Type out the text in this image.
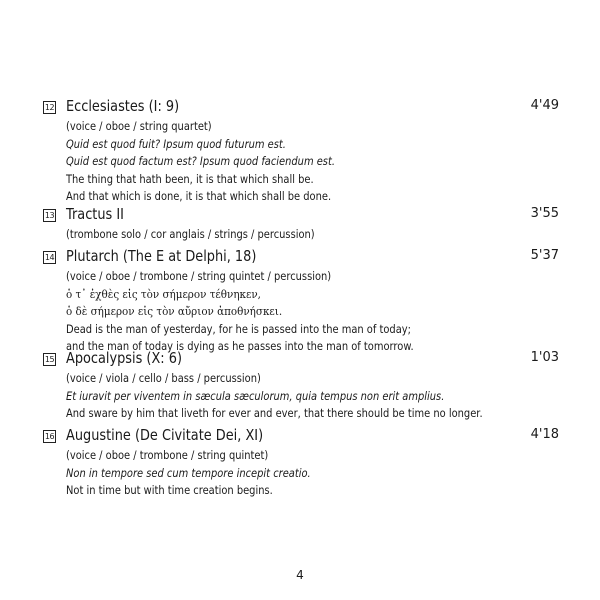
12 Ecclesiastes (I: 9)	4'49
(voice / oboe / string quartet)
Quid est quod fuit? Ipsum quod futurum est.
Quid est quod factum est? Ipsum quod faciendum est.
The thing that hath been, it is that which shall be.
And that which is done, it is that which shall be done.
13 Tractus II	3'55
(trombone solo / cor anglais / strings / percussion)
14 Plutarch (The E at Delphi, 18)	5'37
(voice / oboe / trombone / string quintet / percussion)
ὁ τ᾽ ἐχθὲς εἰς τὸν σήμερον τέθνηκεν,
ὁ δὲ σήμερον εἰς τὸν αὔριον ἀποθνήσκει.
Dead is the man of yesterday, for he is passed into the man of today;
and the man of today is dying as he passes into the man of tomorrow.
15 Apocalypsis (X: 6)	1'03
(voice / viola / cello / bass / percussion)
Et iuravit per viventem in sæcula sæculorum, quia tempus non erit amplius.
And sware by him that liveth for ever and ever, that there should be time no longer.
16 Augustine (De Civitate Dei, XI)	4'18
(voice / oboe / trombone / string quintet)
Non in tempore sed cum tempore incepit creatio.
Not in time but with time creation begins.
4
